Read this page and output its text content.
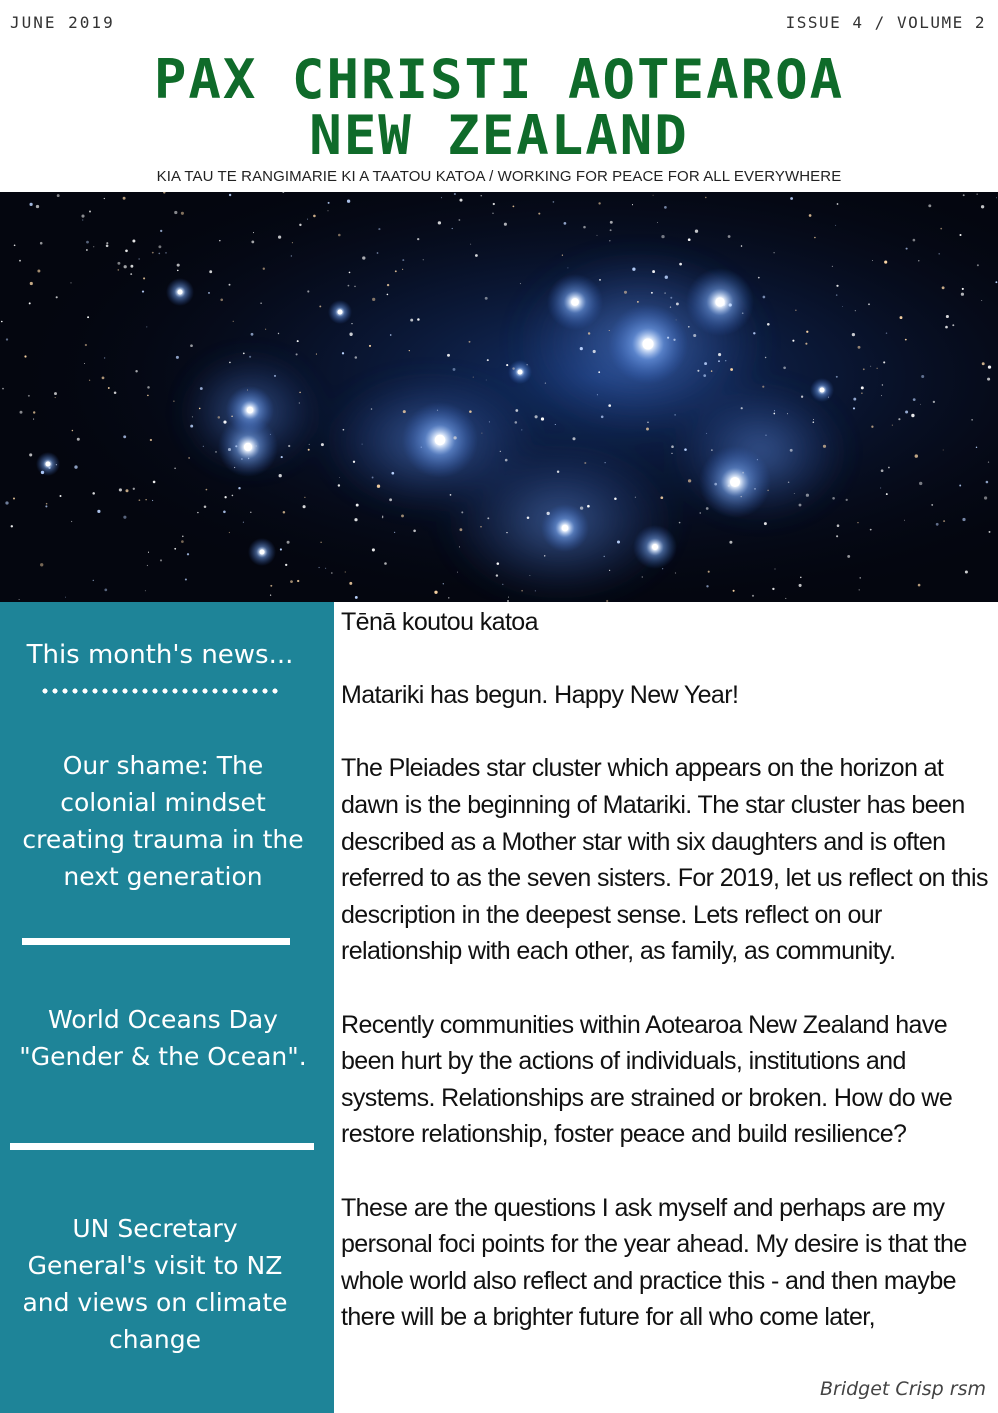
JUNE 2019	ISSUE 4 / VOLUME 2
PAX CHRISTI AOTEAROA
NEW ZEALAND
KIA TAU TE RANGIMARIE KI A TAATOU KATOA / WORKING FOR PEACE FOR ALL EVERYWHERE
This month's news...
Our shame: The colonial mindset creating trauma in the next generation
World Oceans Day "Gender & the Ocean".
UN Secretary General's visit to NZ and views on climate change

Tēnā koutou katoa

Matariki has begun. Happy New Year!

The Pleiades star cluster which appears on the horizon at dawn is the beginning of Matariki. The star cluster has been described as a Mother star with six daughters and is often referred to as the seven sisters. For 2019, let us reflect on this description in the deepest sense. Lets reflect on our relationship with each other, as family, as community.

Recently communities within Aotearoa New Zealand have been hurt by the actions of individuals, institutions and systems. Relationships are strained or broken. How do we restore relationship, foster peace and build resilience?

These are the questions I ask myself and perhaps are my personal foci points for the year ahead. My desire is that the whole world also reflect and practice this - and then maybe there will be a brighter future for all who come later,

Bridget Crisp rsm
